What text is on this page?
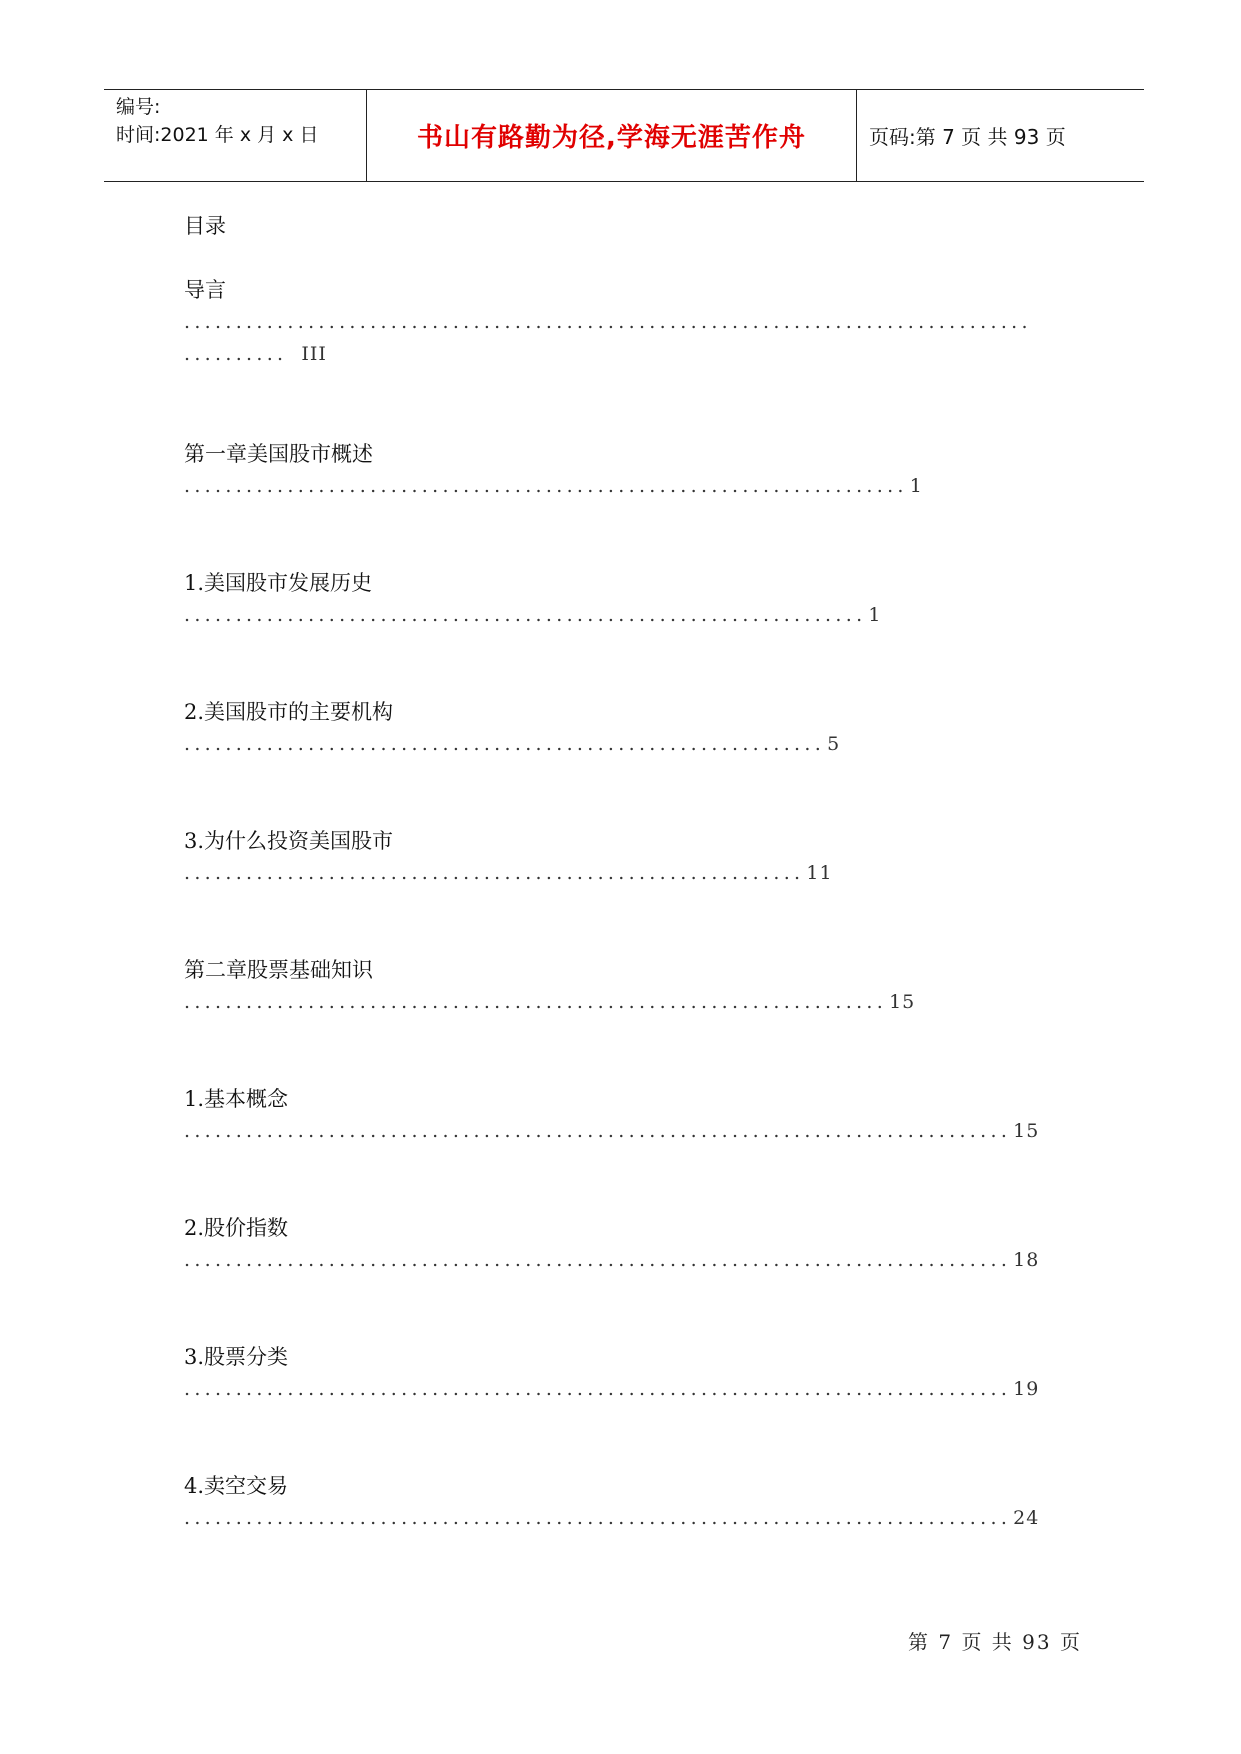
编号:
时间:2021 年 x 月 x 日	书山有路勤为径,学海无涯苦作舟	页码:第 7 页 共 93 页
目录
导言
..................................................................................
.......... III
第一章美国股市概述
...................................................................... 1
1.美国股市发展历史
.................................................................. 1
2.美国股市的主要机构
.............................................................. 5
3.为什么投资美国股市
............................................................ 11
第二章股票基础知识
.................................................................... 15
1.基本概念
................................................................................ 15
2.股价指数
................................................................................ 18
3.股票分类
................................................................................ 19
4.卖空交易
................................................................................ 24
第 7 页 共 93 页
